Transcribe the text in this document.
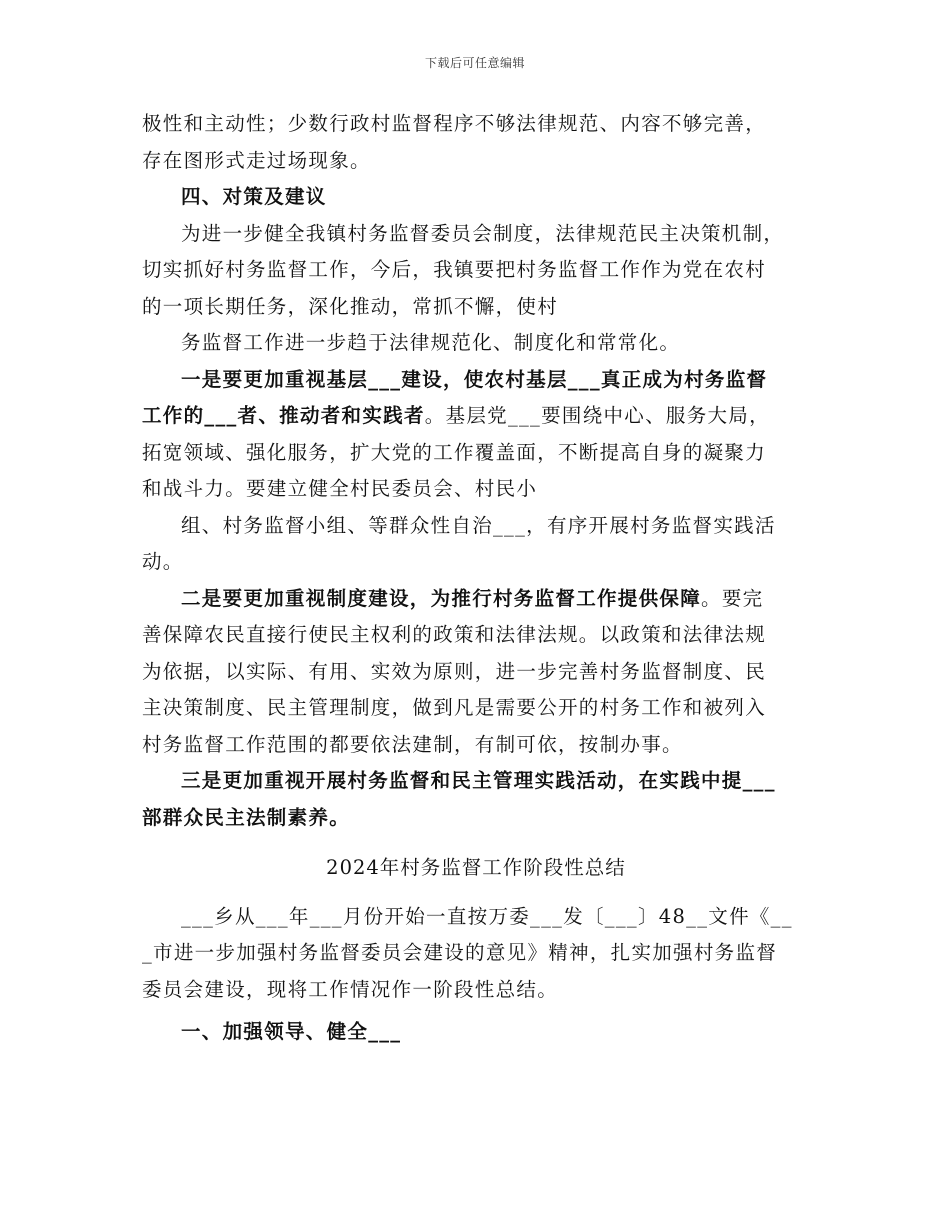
下载后可任意编辑

极性和主动性；少数行政村监督程序不够法律规范、内容不够完善，

存在图形式走过场现象。

四、对策及建议

为进一步健全我镇村务监督委员会制度，法律规范民主决策机制，

切实抓好村务监督工作，今后，我镇要把村务监督工作作为党在农村

的一项长期任务，深化推动，常抓不懈，使村

务监督工作进一步趋于法律规范化、制度化和常常化。

一是要更加重视基层___建设，使农村基层___真正成为村务监督

工作的___者、推动者和实践者。基层党___要围绕中心、服务大局，

拓宽领域、强化服务，扩大党的工作覆盖面，不断提高自身的凝聚力

和战斗力。要建立健全村民委员会、村民小

组、村务监督小组、等群众性自治___，有序开展村务监督实践活

动。

二是要更加重视制度建设，为推行村务监督工作提供保障。要完

善保障农民直接行使民主权利的政策和法律法规。以政策和法律法规

为依据，以实际、有用、实效为原则，进一步完善村务监督制度、民

主决策制度、民主管理制度，做到凡是需要公开的村务工作和被列入

村务监督工作范围的都要依法建制，有制可依，按制办事。

三是更加重视开展村务监督和民主管理实践活动，在实践中提___

部群众民主法制素养。

2024年村务监督工作阶段性总结

___乡从___年___月份开始一直按万委___发〔___〕48__文件《__

_市进一步加强村务监督委员会建设的意见》精神，扎实加强村务监督

委员会建设，现将工作情况作一阶段性总结。

一、加强领导、健全___
